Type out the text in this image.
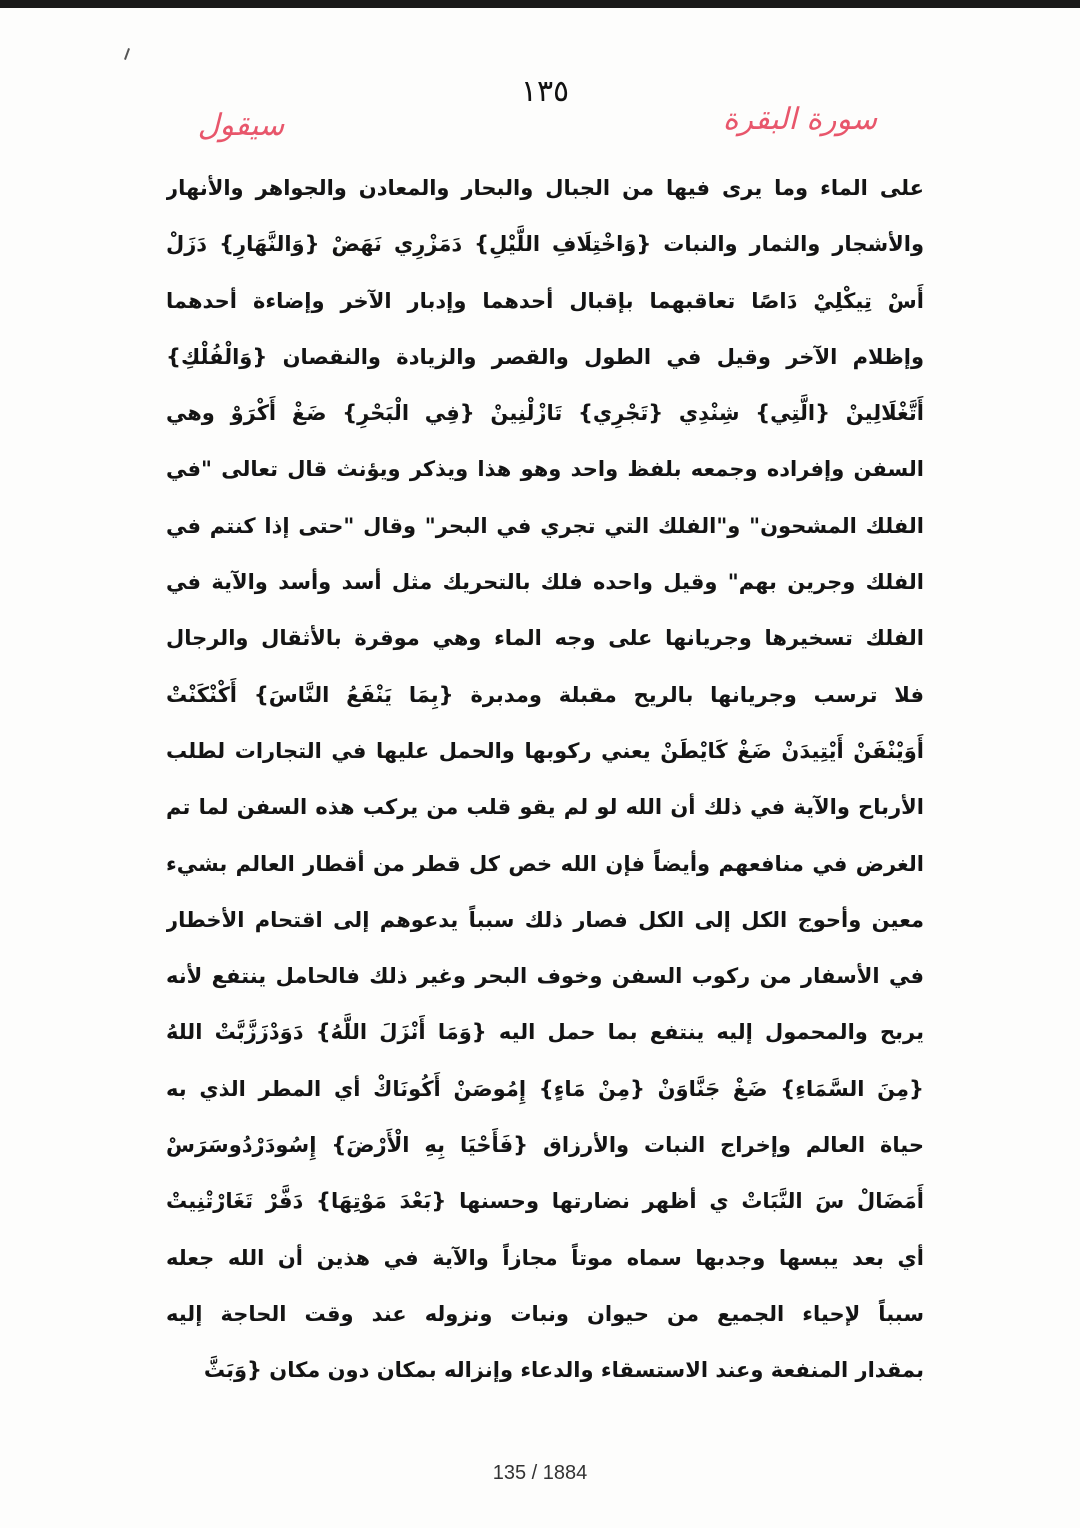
١٣٥
سورة البقرة
سيقول
على الماء وما يرى فيها من الجبال والبحار والمعادن والجواهر والأنهار
والأشجار والثمار والنبات {وَاخْتِلَافِ اللَّيْلِ} دَمَزْرِي نَهَضْ {وَالنَّهَارِ} دَزَلْ
أَسْ تِيكْلِيْ دَاصًا تعاقبهما بإقبال أحدهما وإدبار الآخر وإضاءة أحدهما
وإظلام الآخر وقيل في الطول والقصر والزيادة والنقصان {وَالْفُلْكِ}
أَتَّغْلَالِينْ {الَّتِي} شِنْدِي {تَجْرِي} تَازْلْنِينْ {فِي الْبَحْرِ} ضَغْ أَكْرَوْ وهي
السفن وإفراده وجمعه بلفظ واحد وهو هذا ويذكر ويؤنث قال تعالى "في
الفلك المشحون" و"الفلك التي تجري في البحر" وقال "حتى إذا كنتم في
الفلك وجرين بهم" وقيل واحده فلك بالتحريك مثل أسد وأسد والآية في
الفلك تسخيرها وجريانها على وجه الماء وهي موقرة بالأثقال والرجال
فلا ترسب وجريانها بالريح مقبلة ومدبرة {بِمَا يَنْفَعُ النَّاسَ} أَكْنْكَنْتْ
أَوَيْنْفَنْ أَيْتِيدَنْ ضَغْ كَايْطَنْ يعني ركوبها والحمل عليها في التجارات لطلب
الأرباح والآية في ذلك أن الله لو لم يقو قلب من يركب هذه السفن لما تم
الغرض في منافعهم وأيضاً فإن الله خص كل قطر من أقطار العالم بشيء
معين وأحوج الكل إلى الكل فصار ذلك سبباً يدعوهم إلى اقتحام الأخطار
في الأسفار من ركوب السفن وخوف البحر وغير ذلك فالحامل ينتفع لأنه
يربح والمحمول إليه ينتفع بما حمل اليه {وَمَا أَنْزَلَ اللَّهُ} دَوَدْزَزَّبَّتْ اللهُ
{مِنَ السَّمَاءِ} ضَغْ جَنَّاوَنْ {مِنْ مَاءٍ} إِمُوصَنْ أَكُونَاكْ أي المطر الذي به
حياة العالم وإخراج النبات والأرزاق {فَأَحْيَا بِهِ الْأَرْضَ} إِسُودَرْدُوسَرَسْ
أَمَضَالْ سَ النَّبَاتْ ي أظهر نضارتها وحسنها {بَعْدَ مَوْتِهَا} دَفَّرْ تَغَارْتْنِيتْ
أي بعد يبسها وجدبها سماه موتاً مجازاً والآية في هذين أن الله جعله
سبباً لإحياء الجميع من حيوان ونبات ونزوله عند وقت الحاجة إليه
بمقدار المنفعة وعند الاستسقاء والدعاء وإنزاله بمكان دون مكان {وَبَثَّ
135 / 1884
